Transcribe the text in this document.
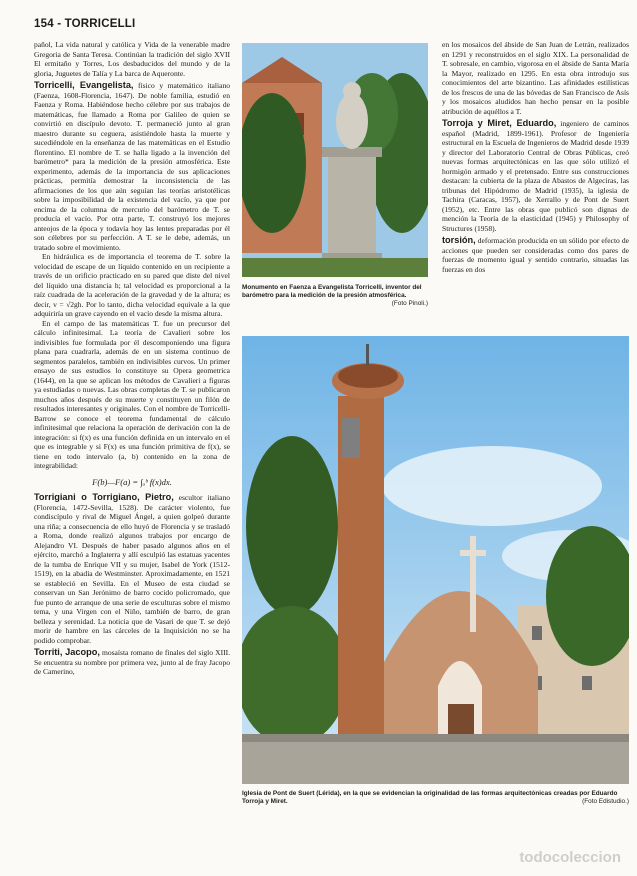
154 - TORRICELLI

pañol, La vida natural y católica y Vida de la venerable madre Gregoria de Santa Teresa. Continúan la tradición del siglo XVII El ermitaño y Torres, Los desbaducidos del mundo y de la gloria, Juguetes de Talía y La barca de Aqueronte.

Torricelli, Evangelista, físico y matemático italiano (Faenza, 1608-Florencia, 1647). De noble familia, estudió en Faenza y Roma. Habiéndose hecho célebre por sus trabajos de matemáticas, fue llamado a Roma por Galileo de quien se convirtió en discípulo devoto. T. permaneció junto al gran maestro durante su ceguera, asistiéndole hasta la muerte y sucediéndole en la enseñanza de las matemáticas en el Estudio florentino. El nombre de T. se halla ligado a la invención del barómetro* para la medición de la presión atmosférica. Este experimento, además de la importancia de sus aplicaciones prácticas, permitía demostrar la inconsistencia de las afirmaciones de los que aún seguían las teorías aristotélicas sobre la imposibilidad de la existencia del vacío, ya que por encima de la columna de mercurio del barómetro de T. se producía el vacío. Por otra parte, T. construyó los mejores anteojos de la época y todavía hoy las lentes preparadas por él son célebres por su perfección. A T. se le debe, además, un tratado sobre el movimiento.

En hidráulica es de importancia el teorema de T. sobre la velocidad de escape de un líquido contenido en un recipiente a través de un orificio practicado en su pared que diste del nivel del líquido una distancia h; tal velocidad es proporcional a la raíz cuadrada de la aceleración de la gravedad y de la altura; es decir, v = √2gh. Por lo tanto, dicha velocidad equivale a la que adquiriría un grave cayendo en el vacío desde la misma altura.

En el campo de las matemáticas T. fue un precursor del cálculo infinitesimal. La teoría de Cavalieri sobre los indivisibles fue formulada por él descomponiendo una figura plana para cuadrarla, además de en un sistema continuo de segmentos paralelos, también en indivisibles curvos. Un primer ensayo de sus estudios lo constituye su Opera geometrica (1644), en la que se aplican los métodos de Cavalieri a figuras ya estudiadas o nuevas. Las obras completas de T. se publicaron muchos años después de su muerte y constituyen un filón de resultados interesantes y originales. Con el nombre de Torricelli-Barrow se conoce el teorema fundamental de cálculo infinitesimal que relaciona la operación de derivación con la de integración: si f(x) es una función definida en un intervalo en el que es integrable y si F(x) es una función primitiva de f(x), se tiene en todo intervalo (a, b) contenido en la zona de integrabilidad:

F(b)—F(a) = ∫ₐᵇ f(x)dx.

Torrigiani o Torrigiano, Pietro, escultor italiano (Florencia, 1472-Sevilla, 1528). De carácter violento, fue condiscípulo y rival de Miguel Ángel, a quien golpeó durante una riña; a consecuencia de ello huyó de Florencia y se trasladó a Roma, donde realizó algunos trabajos por encargo de Alejandro VI. Después de haber pasado algunos años en el ejército, marchó a Inglaterra y allí esculpió las estatuas yacentes de la tumba de Enrique VII y su mujer, Isabel de York (1512-1519), en la abadía de Westminster. Aproximadamente, en 1521 se estableció en Sevilla. En el Museo de esta ciudad se conservan un San Jerónimo de barro cocido policromado, que fue punto de arranque de una serie de esculturas sobre el mismo tema, y una Virgen con el Niño, también de barro, de gran belleza y serenidad. La noticia que de Vasari de que T. se dejó morir de hambre en las cárceles de la Inquisición no se ha podido comprobar.

Torriti, Jacopo, mosaísta romano de finales del siglo XIII. Se encuentra su nombre por primera vez, junto al de fray Jacopo de Camerino,

Monumento en Faenza a Evangelista Torricelli, inventor del barómetro para la medición de la presión atmosférica.
(Foto Pinoli.)

en los mosaicos del ábside de San Juan de Letrán, realizados en 1291 y reconstruidos en el siglo XIX. La personalidad de T. sobresale, en cambio, vigorosa en el ábside de Santa María la Mayor, realizado en 1295. En esta obra introdujo sus conocimientos del arte bizantino. Las afinidades estilísticas de los frescos de una de las bóvedas de San Francisco de Asís y los mosaicos aludidos han hecho pensar en la posible atribución de aquéllos a T.

Torroja y Miret, Eduardo, ingeniero de caminos español (Madrid, 1899-1961). Profesor de Ingeniería estructural en la Escuela de Ingenieros de Madrid desde 1939 y director del Laboratorio Central de Obras Públicas, creó nuevas formas arquitectónicas en las que sólo utilizó el hormigón armado y el pretensado. Entre sus construcciones destacan: la cubierta de la plaza de Abastos de Algeciras, las tribunas del Hipódromo de Madrid (1935), la iglesia de Tachira (Caracas, 1957), de Xerrallo y de Pont de Suert (1952), etc. Entre las obras que publicó son dignas de mención la Teoría de la elasticidad (1945) y Philosophy of Structures (1958).

torsión, deformación producida en un sólido por efecto de acciones que pueden ser consideradas como dos pares de fuerzas de momento igual y sentido contrario, situadas las fuerzas en dos

Iglesia de Pont de Suert (Lérida), en la que se evidencian la originalidad de las formas arquitectónicas creadas por Eduardo Torroja y Miret.	(Foto Edistudio.)
todocoleccion
